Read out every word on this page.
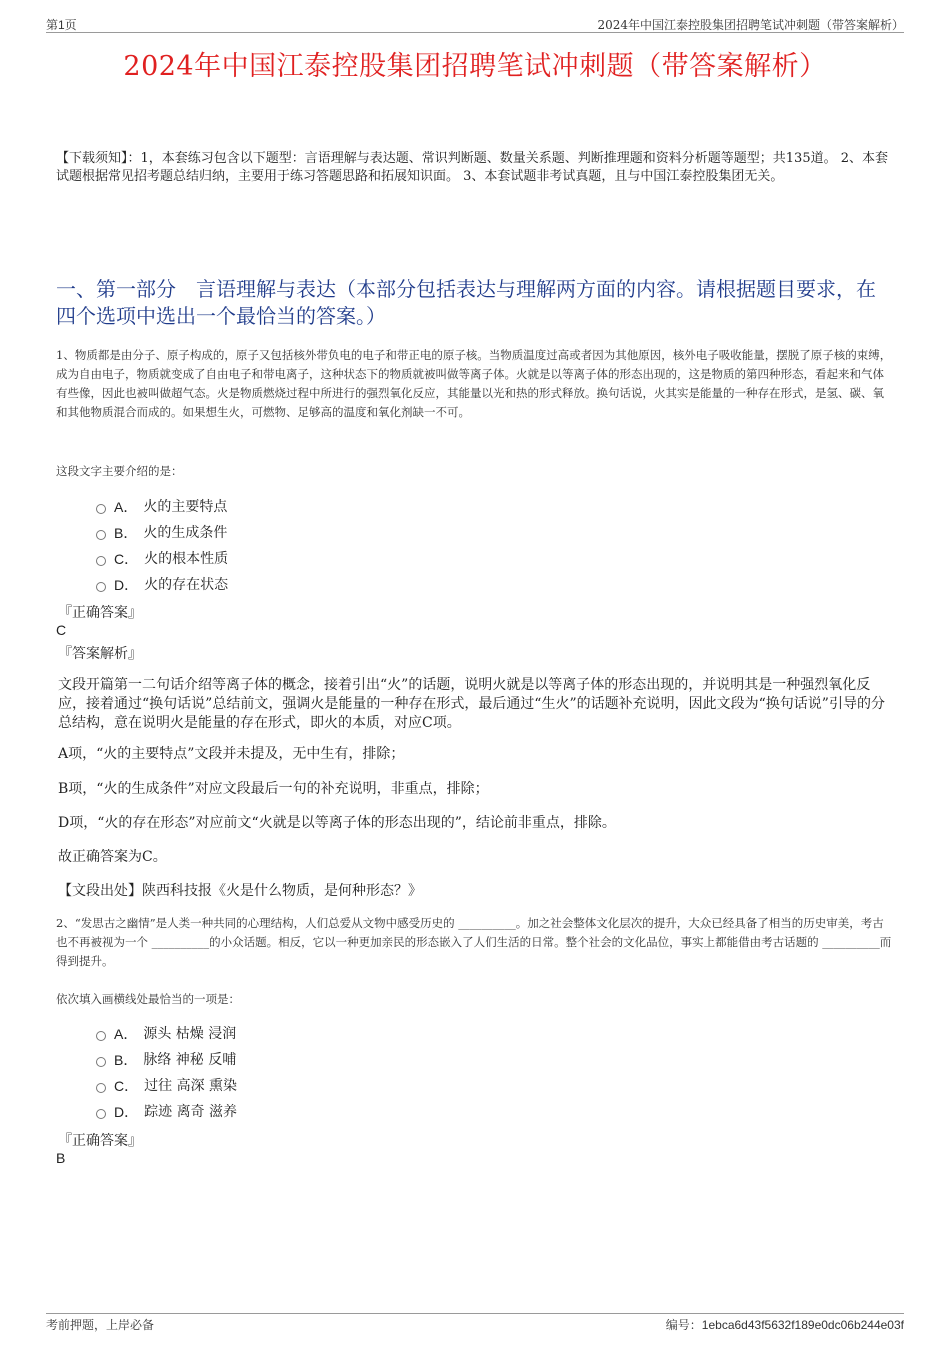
第1页	2024年中国江泰控股集团招聘笔试冲刺题（带答案解析）
2024年中国江泰控股集团招聘笔试冲刺题（带答案解析）
【下载须知】：1，本套练习包含以下题型：言语理解与表达题、常识判断题、数量关系题、判断推理题和资料分析题等题型；共135道。 2、本套试题根据常见招考题总结归纳，主要用于练习答题思路和拓展知识面。 3、本套试题非考试真题，且与中国江泰控股集团无关。
一、第一部分　言语理解与表达（本部分包括表达与理解两方面的内容。请根据题目要求，在四个选项中选出一个最恰当的答案。）
1、物质都是由分子、原子构成的，原子又包括核外带负电的电子和带正电的原子核。当物质温度过高或者因为其他原因，核外电子吸收能量，摆脱了原子核的束缚，成为自由电子，物质就变成了自由电子和带电离子，这种状态下的物质就被叫做等离子体。火就是以等离子体的形态出现的，这是物质的第四种形态，看起来和气体有些像，因此也被叫做超气态。火是物质燃烧过程中所进行的强烈氧化反应，其能量以光和热的形式释放。换句话说，火其实是能量的一种存在形式，是氢、碳、氧和其他物质混合而成的。如果想生火，可燃物、足够高的温度和氧化剂缺一不可。
这段文字主要介绍的是：
A． 火的主要特点
B． 火的生成条件
C． 火的根本性质
D． 火的存在状态
『正确答案』
C
『答案解析』
文段开篇第一二句话介绍等离子体的概念，接着引出“火”的话题，说明火就是以等离子体的形态出现的，并说明其是一种强烈氧化反应，接着通过“换句话说”总结前文，强调火是能量的一种存在形式，最后通过“生火”的话题补充说明，因此文段为“换句话说”引导的分总结构，意在说明火是能量的存在形式，即火的本质，对应C项。
A项，“火的主要特点”文段并未提及，无中生有，排除；
B项，“火的生成条件”对应文段最后一句的补充说明，非重点，排除；
D项，“火的存在形态”对应前文“火就是以等离子体的形态出现的”，结论前非重点，排除。
故正确答案为C。
【文段出处】陕西科技报《火是什么物质，是何种形态？》
2、“发思古之幽情”是人类一种共同的心理结构，人们总爱从文物中感受历史的 __________。加之社会整体文化层次的提升，大众已经具备了相当的历史审美，考古也不再被视为一个 __________的小众话题。相反，它以一种更加亲民的形态嵌入了人们生活的日常。整个社会的文化品位，事实上都能借由考古话题的 __________而得到提升。
依次填入画横线处最恰当的一项是：
A． 源头 枯燥 浸润
B． 脉络 神秘 反哺
C． 过往 高深 熏染
D． 踪迹 离奇 滋养
『正确答案』
B
考前押题，上岸必备	编号：1ebca6d43f5632f189e0dc06b244e03f
